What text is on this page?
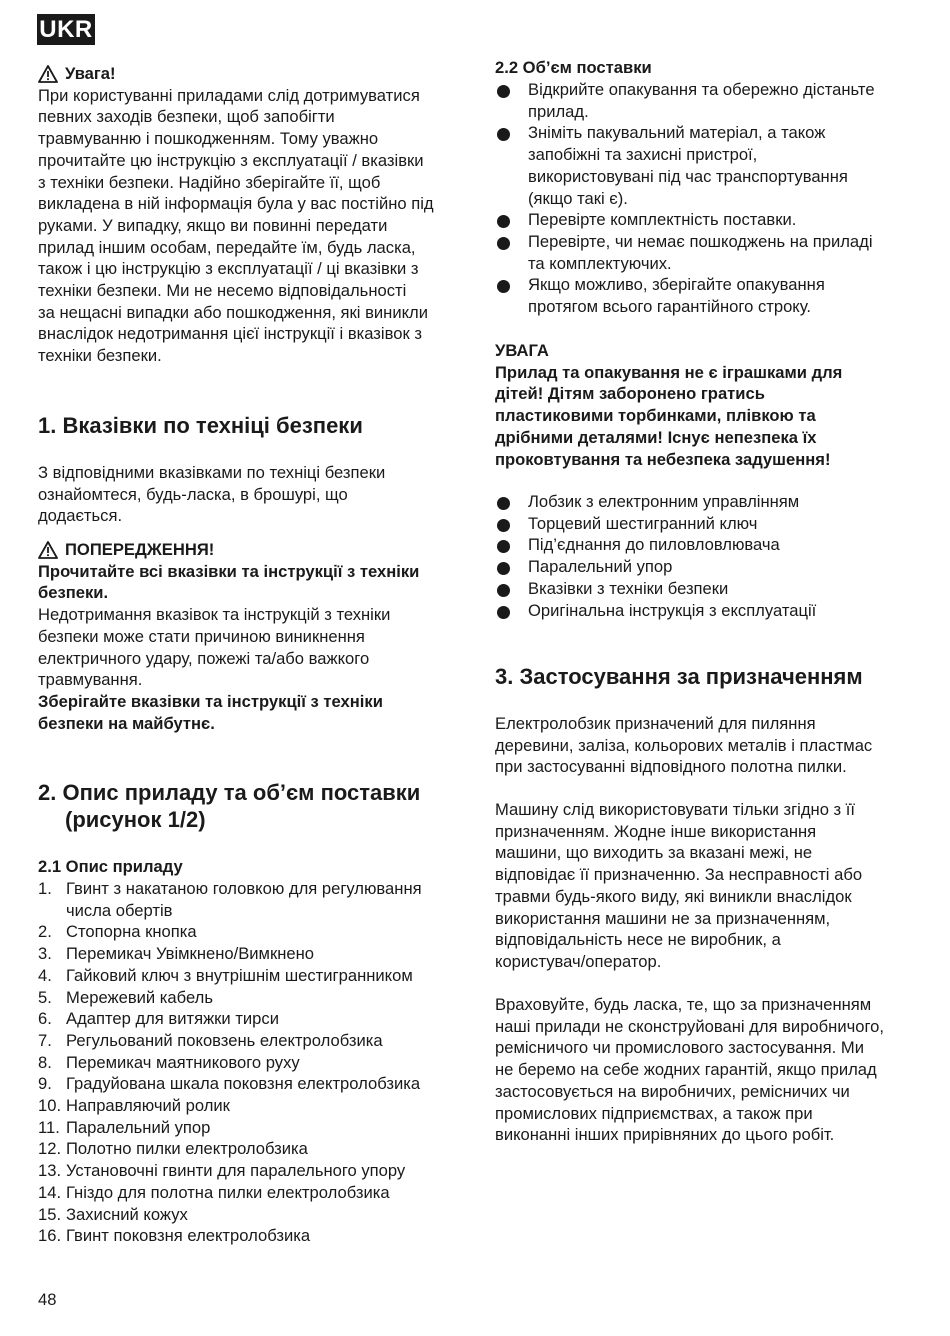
UKR
Увага!

При користуванні приладами слід дотримуватися
певних заходів безпеки, щоб запобігти
травмуванню і пошкодженням. Тому уважно
прочитайте цю інструкцію з експлуатації / вказівки
з техніки безпеки. Надійно зберігайте її, щоб
викладена в ній інформація була у вас постійно під
руками. У випадку, якщо ви повинні передати
прилад іншим особам, передайте їм, будь ласка,
також і цю інструкцію з експлуатації / ці вказівки з
техніки безпеки. Ми не несемо відповідальності
за нещасні випадки або пошкодження, які виникли
внаслідок недотримання цієї інструкції і вказівок з
техніки безпеки.

1. Вказівки по техніці безпеки

З відповідними вказівками по техніці безпеки
ознайомтеся, будь-ласка, в брошурі, що
додається.

ПОПЕРЕДЖЕННЯ!

Прочитайте всі вказівки та інструкції з техніки
безпеки.

Недотримання вказівок та інструкцій з техніки
безпеки може стати причиною виникнення
електричного удару, пожежі та/або важкого
травмування.

Зберігайте вказівки та інструкції з техніки
безпеки на майбутнє.

2. Опис приладу та об’єм поставки
(рисунок 1/2)
2.1 Опис приладу
1. Гвинт з накатаною головкою для регулювання
числа обертів
2. Стопорна кнопка
3. Перемикач Увімкнено/Вимкнено
4. Гайковий ключ з внутрішнім шестигранником
5. Мережевий кабель
6. Адаптер для витяжки тирси
7. Регульований поковзень електролобзика
8. Перемикач маятникового руху
9. Градуйована шкала поковзня електролобзика
10. Направляючий ролик
11. Паралельний упор
12. Полотно пилки електролобзика
13. Установочні гвинти для паралельного упору
14. Гніздо для полотна пилки електролобзика
15. Захисний кожух
16. Гвинт поковзня електролобзика
2.2 Об’єм поставки
Відкрийте опакування та обережно дістаньте
прилад.
Зніміть пакувальний матеріал, а також
запобіжні та захисні пристрої,
використовувані під час транспортування
(якщо такі є).
Перевірте комплектність поставки.
Перевірте, чи немає пошкоджень на приладі
та комплектуючих.
Якщо можливо, зберігайте опакування
протягом всього гарантійного строку.
УВАГА

Прилад та опакування не є іграшками для
дітей! Дітям заборонено гратись
пластиковими торбинками, плівкою та
дрібними деталями! Існує непезпека їх
проковтування та небезпека задушення!

Лобзик з електронним управлінням
Торцевий шестигранний ключ
Під’єднання до пиловловлювача
Паралельний упор
Вказівки з техніки безпеки
Оригінальна інструкція з експлуатації
3. Застосування за призначенням

Електролобзик призначений для пиляння
деревини, заліза, кольорових металів і пластмас
при застосуванні відповідного полотна пилки.

Машину слід використовувати тільки згідно з її
призначенням. Жодне інше використання
машини, що виходить за вказані межі, не
відповідає її призначенню. За несправності або
травми будь-якого виду, які виникли внаслідок
використання машини не за призначенням,
відповідальність несе не виробник, а
користувач/оператор.

Враховуйте, будь ласка, те, що за призначенням
наші прилади не сконструйовані для виробничого,
ремісничого чи промислового застосування. Ми
не беремо на себе жодних гарантій, якщо прилад
застосовується на виробничих, ремісничих чи
промислових підприємствах, а також при
виконанні інших прирівняних до цього робіт.

48
